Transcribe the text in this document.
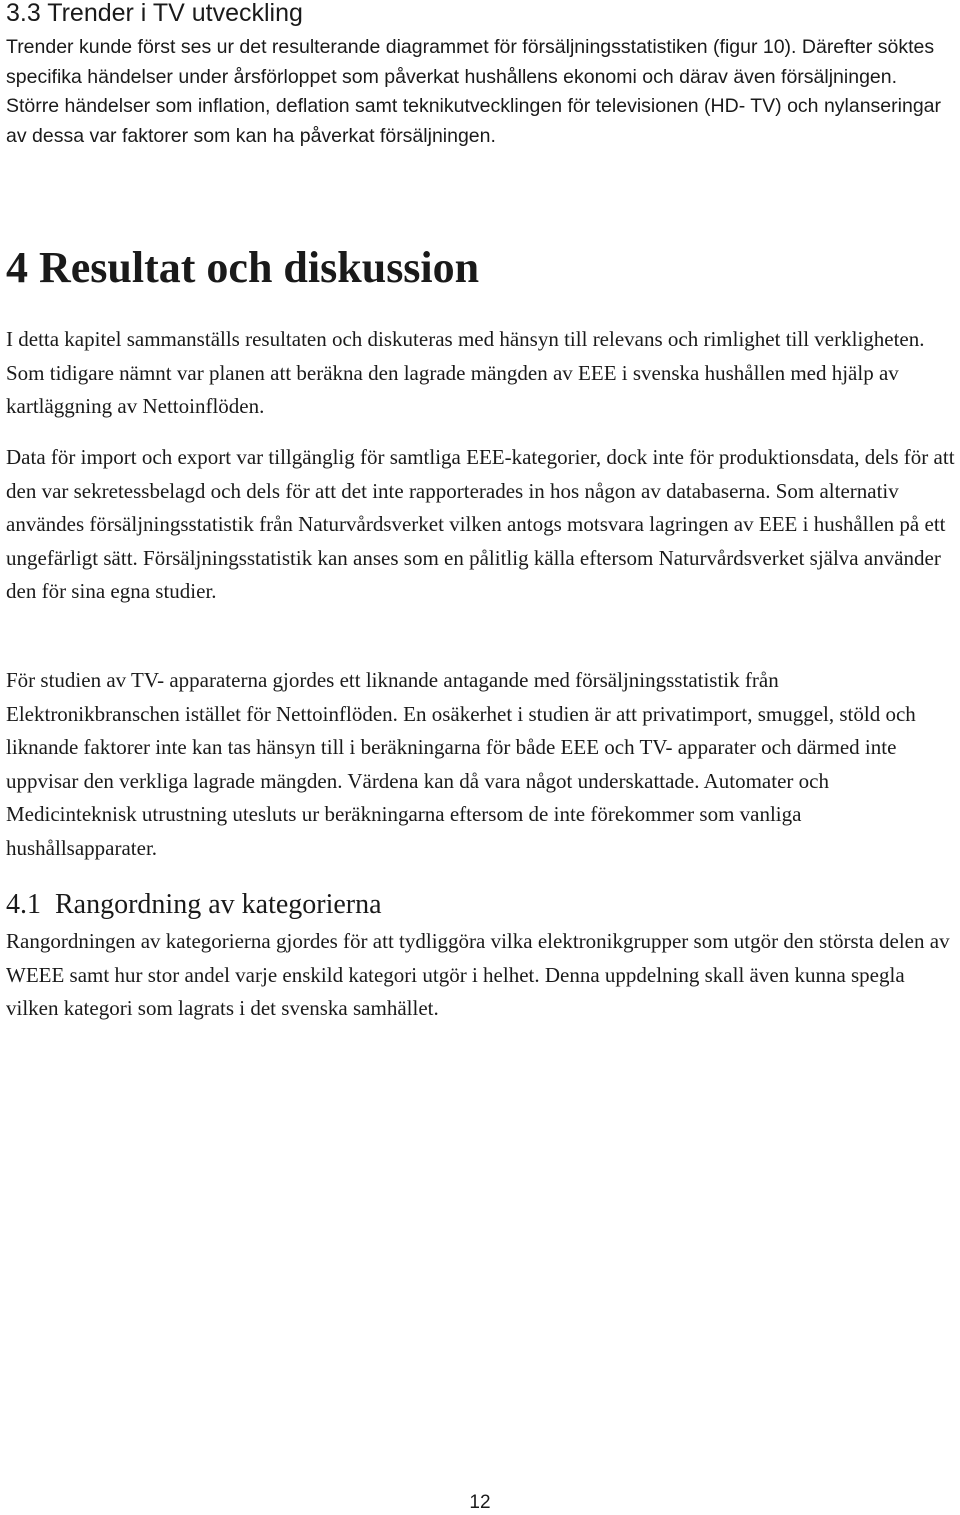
3.3 Trender i TV utveckling

Trender kunde först ses ur det resulterande diagrammet för försäljningsstatistiken (figur 10). Därefter söktes specifika händelser under årsförloppet som påverkat hushållens ekonomi och därav även försäljningen. Större händelser som inflation, deflation samt teknikutvecklingen för televisionen (HD- TV) och nylanseringar av dessa var faktorer som kan ha påverkat försäljningen.

4 Resultat och diskussion

I detta kapitel sammanställs resultaten och diskuteras med hänsyn till relevans och rimlighet till verkligheten. Som tidigare nämnt var planen att beräkna den lagrade mängden av EEE i svenska hushållen med hjälp av kartläggning av Nettoinflöden.

Data för import och export var tillgänglig för samtliga EEE-kategorier, dock inte för produktionsdata, dels för att den var sekretessbelagd och dels för att det inte rapporterades in hos någon av databaserna. Som alternativ användes försäljningsstatistik från Naturvårdsverket vilken antogs motsvara lagringen av EEE i hushållen på ett ungefärligt sätt. Försäljningsstatistik kan anses som en pålitlig källa eftersom Naturvårdsverket själva använder den för sina egna studier.

För studien av TV- apparaterna gjordes ett liknande antagande med försäljningsstatistik från Elektronikbranschen istället för Nettoinflöden. En osäkerhet i studien är att privatimport, smuggel, stöld och liknande faktorer inte kan tas hänsyn till i beräkningarna för både EEE och TV- apparater och därmed inte uppvisar den verkliga lagrade mängden. Värdena kan då vara något underskattade. Automater och Medicinteknisk utrustning utesluts ur beräkningarna eftersom de inte förekommer som vanliga hushållsapparater.

4.1 Rangordning av kategorierna

Rangordningen av kategorierna gjordes för att tydliggöra vilka elektronikgrupper som utgör den största delen av WEEE samt hur stor andel varje enskild kategori utgör i helhet. Denna uppdelning skall även kunna spegla vilken kategori som lagrats i det svenska samhället.

12
